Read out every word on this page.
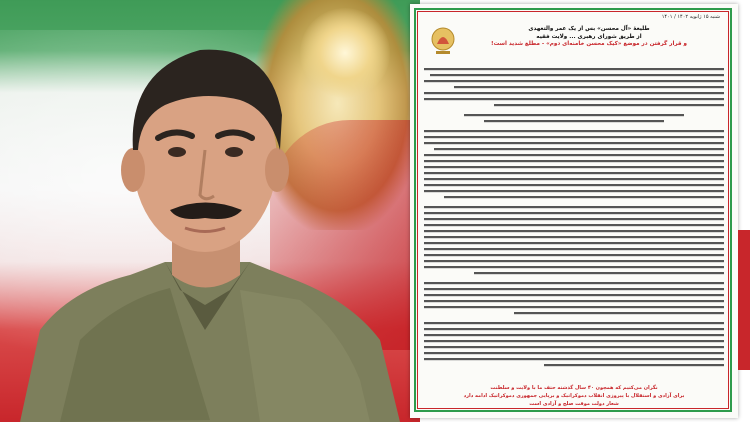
شنبه ۱۵ ژانویه ۱۴۰۲ / ۱۴۰۱
طلیعهٔ «آل محسن» بس از یک عمر والتعهدی
از طریق شورای رهبری ... ولایت فقیه
و قرار گرفتن در موضع «کیک محسن خامنه‌ای دوم» - مطلع شدید است!
نگران می‌کنیم که همچون ۴۰ سال گذشته حتف ما با ولایت و سلطنت
برای آزادی و استقلال با پیروزی انقلاب دموکراتیک و برپایی جمهوری دموکراتیک ادامه دارد
شعار دولت موقت صلح و آزادی است
